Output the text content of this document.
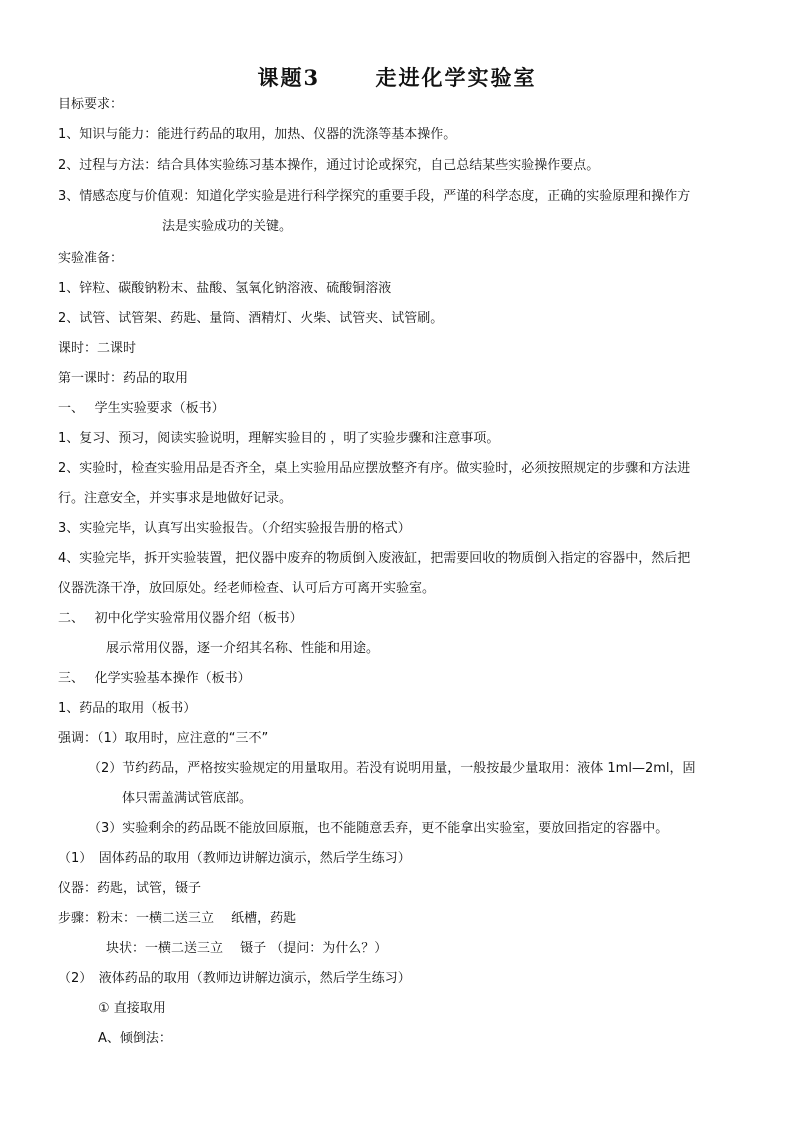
课题3　　 走进化学实验室
目标要求：
1、知识与能力：能进行药品的取用，加热、仪器的洗涤等基本操作。
2、过程与方法：结合具体实验练习基本操作，通过讨论或探究，自己总结某些实验操作要点。
3、情感态度与价值观：知道化学实验是进行科学探究的重要手段，严谨的科学态度，正确的实验原理和操作方
法是实验成功的关键。
实验准备：
1、锌粒、碳酸钠粉末、盐酸、氢氧化钠溶液、硫酸铜溶液
2、试管、试管架、药匙、量筒、酒精灯、火柴、试管夹、试管刷。
课时：二课时
第一课时：药品的取用
一、　 学生实验要求（板书）
1、复习、预习，阅读实验说明，理解实验目的 ，明了实验步骤和注意事项。
2、实验时，检查实验用品是否齐全，桌上实验用品应摆放整齐有序。做实验时，必须按照规定的步骤和方法进
行。注意安全，并实事求是地做好记录。
3、实验完毕，认真写出实验报告。（介绍实验报告册的格式）
4、实验完毕，拆开实验装置，把仪器中废弃的物质倒入废液缸，把需要回收的物质倒入指定的容器中，然后把
仪器洗涤干净，放回原处。经老师检查、认可后方可离开实验室。
二、　 初中化学实验常用仪器介绍（板书）
展示常用仪器，逐一介绍其名称、性能和用途。
三、　 化学实验基本操作（板书）
1、药品的取用（板书）
强调：（1）取用时，应注意的“三不”
（2）节约药品，严格按实验规定的用量取用。若没有说明用量，一般按最少量取用：液体 1ml—2ml，固
体只需盖满试管底部。
（3）实验剩余的药品既不能放回原瓶，也不能随意丢弃，更不能拿出实验室，要放回指定的容器中。
（1）　固体药品的取用（教师边讲解边演示，然后学生练习）
仪器：药匙，试管，镊子
步骤：粉末：一横二送三立　 纸槽，药匙
块状：一横二送三立　 镊子 （提问：为什么？）
（2）　液体药品的取用（教师边讲解边演示，然后学生练习）
① 直接取用
A、倾倒法：
